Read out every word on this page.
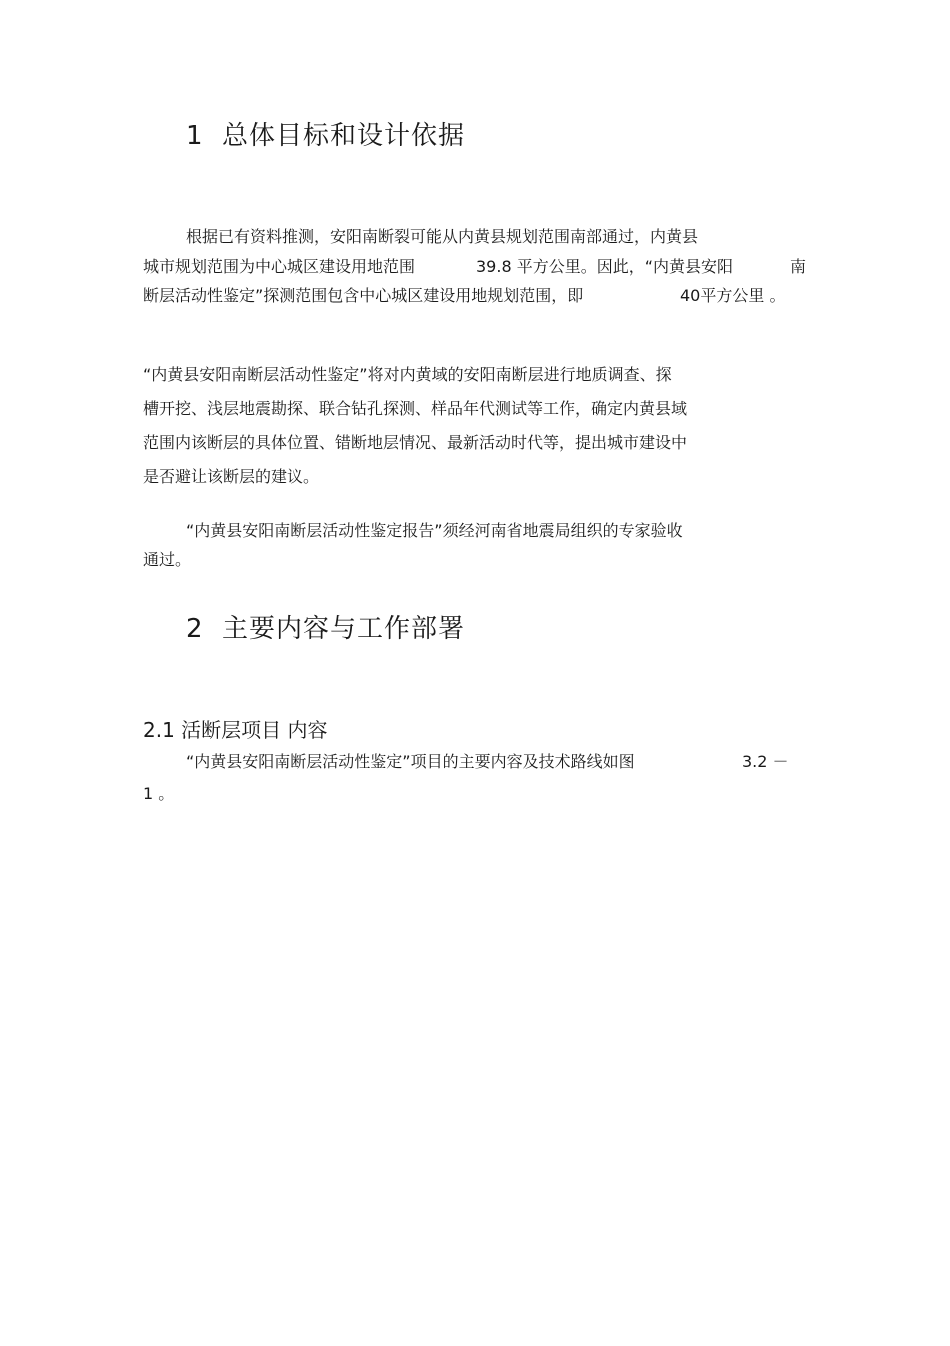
1 总体目标和设计依据
根据已有资料推测，安阳南断裂可能从内黄县规划范围南部通过，内黄县
城市规划范围为中心城区建设用地范围	39.8 平方公里。因此，“内黄县安阳	南
断层活动性鉴定”探测范围包含中心城区建设用地规划范围，即	40平方公里 。
“内黄县安阳南断层活动性鉴定”将对内黄域的安阳南断层进行地质调查、探
槽开挖、浅层地震勘探、联合钻孔探测、样品年代测试等工作，确定内黄县域
范围内该断层的具体位置、错断地层情况、最新活动时代等，提出城市建设中
是否避让该断层的建议。
“内黄县安阳南断层活动性鉴定报告”须经河南省地震局组织的专家验收
通过。
2 主要内容与工作部署
2.1 活断层项目 内容
“内黄县安阳南断层活动性鉴定”项目的主要内容及技术路线如图	3.2 －
1 。
